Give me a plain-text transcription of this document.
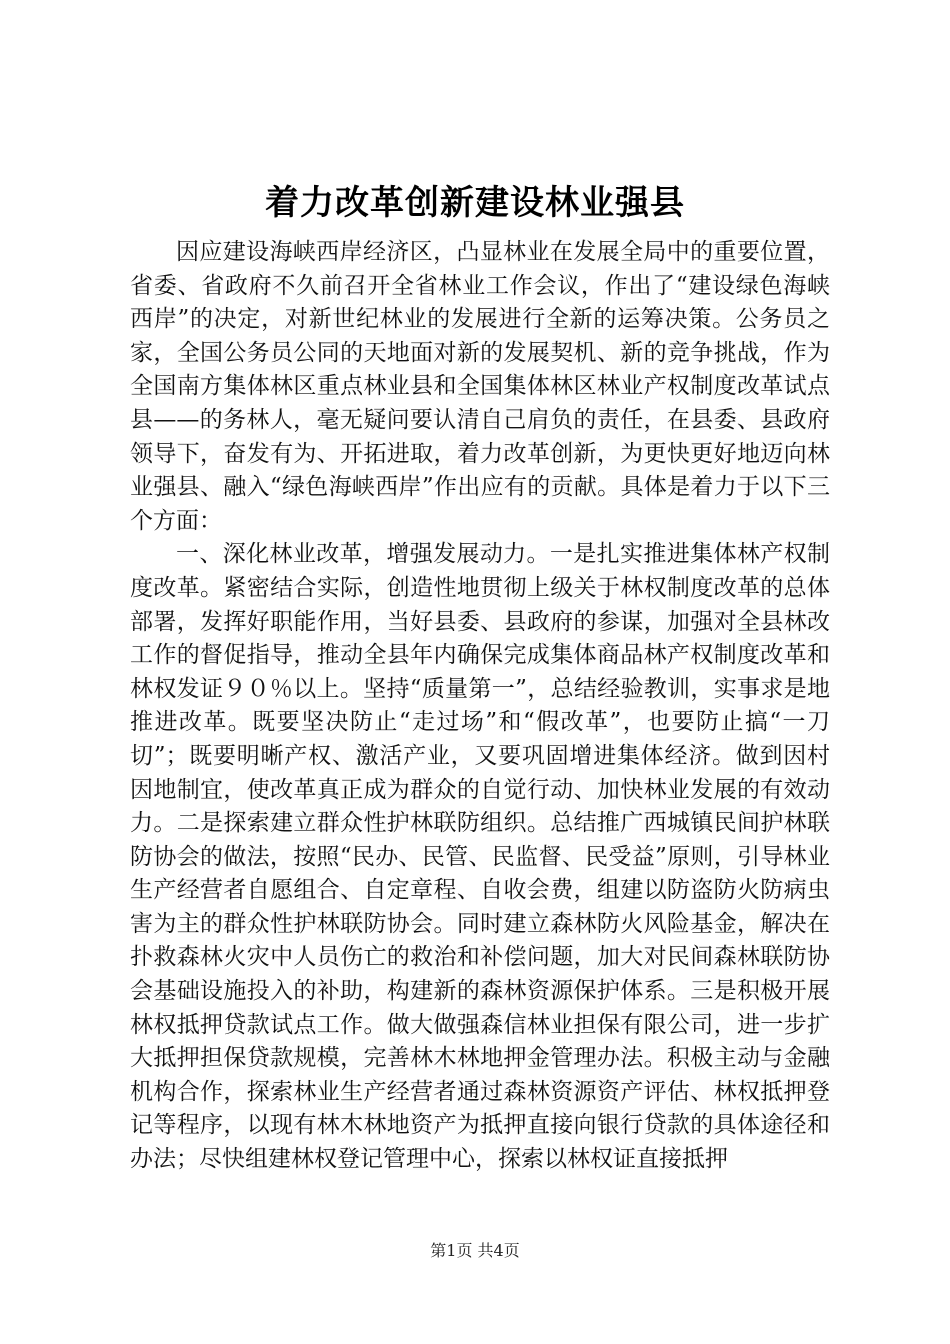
着力改革创新建设林业强县

因应建设海峡西岸经济区，凸显林业在发展全局中的重要位置，省委、省政府不久前召开全省林业工作会议，作出了“建设绿色海峡西岸”的决定，对新世纪林业的发展进行全新的运筹决策。公务员之家，全国公务员公同的天地面对新的发展契机、新的竞争挑战，作为全国南方集体林区重点林业县和全国集体林区林业产权制度改革试点县——的务林人，毫无疑问要认清自己肩负的责任，在县委、县政府领导下，奋发有为、开拓进取，着力改革创新，为更快更好地迈向林业强县、融入“绿色海峡西岸”作出应有的贡献。具体是着力于以下三个方面：

一、深化林业改革，增强发展动力。一是扎实推进集体林产权制度改革。紧密结合实际，创造性地贯彻上级关于林权制度改革的总体部署，发挥好职能作用，当好县委、县政府的参谋，加强对全县林改工作的督促指导，推动全县年内确保完成集体商品林产权制度改革和林权发证９０％以上。坚持“质量第一”，总结经验教训，实事求是地推进改革。既要坚决防止“走过场”和“假改革”，也要防止搞“一刀切”；既要明晰产权、激活产业，又要巩固增进集体经济。做到因村因地制宜，使改革真正成为群众的自觉行动、加快林业发展的有效动力。二是探索建立群众性护林联防组织。总结推广西城镇民间护林联防协会的做法，按照“民办、民管、民监督、民受益”原则，引导林业生产经营者自愿组合、自定章程、自收会费，组建以防盗防火防病虫害为主的群众性护林联防协会。同时建立森林防火风险基金，解决在扑救森林火灾中人员伤亡的救治和补偿问题，加大对民间森林联防协会基础设施投入的补助，构建新的森林资源保护体系。三是积极开展林权抵押贷款试点工作。做大做强森信林业担保有限公司，进一步扩大抵押担保贷款规模，完善林木林地押金管理办法。积极主动与金融机构合作，探索林业生产经营者通过森林资源资产评估、林权抵押登记等程序，以现有林木林地资产为抵押直接向银行贷款的具体途径和办法；尽快组建林权登记管理中心，探索以林权证直接抵押

第1页 共4页
